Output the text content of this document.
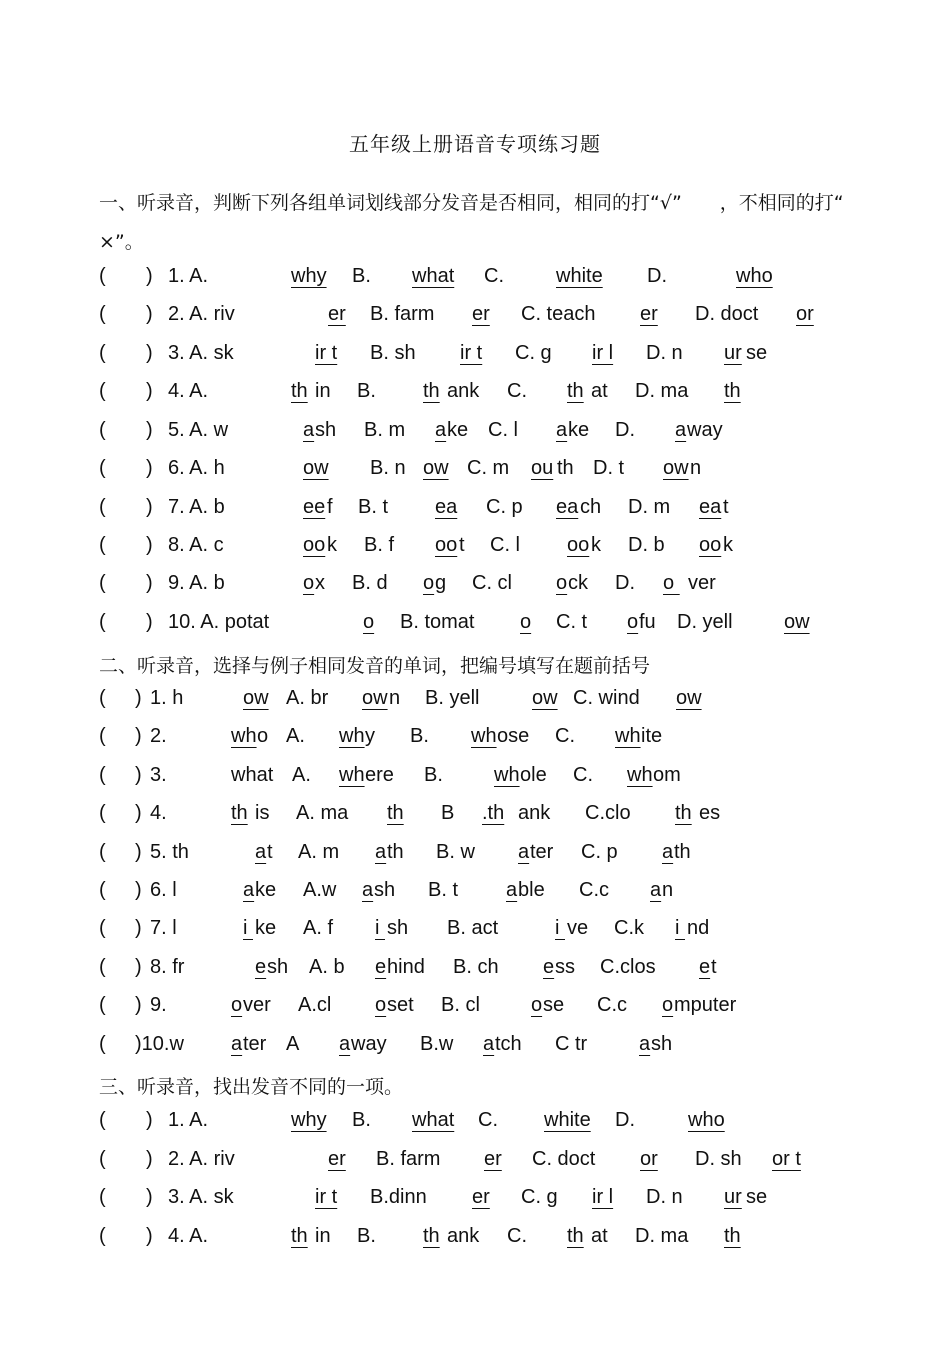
五年级上册语音专项练习题
一、听录音，判断下列各组单词划线部分发音是否相同，相同的打“√”　　，不相同的打“　×”。
( ) 1. A.	why B. what C.	white D.	who
( ) 2. A. riv	er B. farm er C. teach er D. doct or
( ) 3. A. sk	ir t B. sh ir t C. g ir l D. n ur se
( ) 4. A.	th in B. th ank C. th at D. ma th
( ) 5. A. w	a sh B. m a ke C. l a ke D. a way
( ) 6. A. h	ow B. n ow C. m ou th D. t ow n
( ) 7. A. b	ee f B. t ea C. p ea ch D. m ea t
( ) 8. A. c	oo k B. f oo t C. l oo k D. b oo k
( ) 9. A. b	o x B. d o g C. cl o ck D. o ver
( ) 10. A. potat	o B. tomat o C. t o fu D. yell	ow
二、听录音，选择与例子相同发音的单词，把编号填写在题前括号
( ) 1. h	ow A. br ow n B. yell	ow C. wind ow
( ) 2.	wh o A. wh y B. wh ose C. wh ite
( ) 3.	what A. wh ere B.	wh ole C. wh om
( ) 4.	th is A. ma th B .th ank C.clo th es
( ) 5. th	a t A. m a th B. w a ter C. p a th
( ) 6. l	a ke A.w a sh B. t a ble C.c a n
( ) 7. l	i ke A. f i sh B. act	i ve C.k i nd
( ) 8. fr	e sh A. b e hind B. ch e ss C.clos e t
( ) 9.	o ver A.cl o set B. cl	o se C.c o mputer
( )10.w a ter A a way B.w a tch C tr	a sh
三、听录音，找出发音不同的一项。
( ) 1. A.	why B. what C. white D.	who
( ) 2. A. riv	er B. farm er C. doct or D. sh or t
( ) 3. A. sk	ir t B.dinn er C. g ir l D. n ur se
( ) 4. A.	th in B. th ank C. th at D. ma th
